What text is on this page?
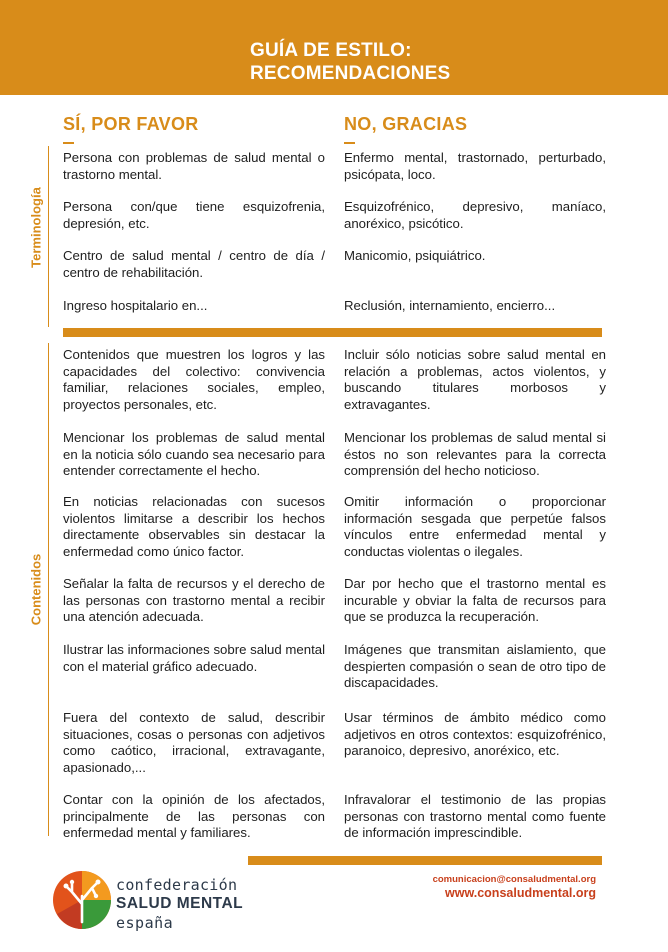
GUÍA DE ESTILO:
RECOMENDACIONES
SÍ, POR FAVOR	NO, GRACIAS
Terminología
Persona con problemas de salud mental o trastorno mental.
Enfermo mental, trastornado, perturbado, psicópata, loco.
Persona con/que tiene esquizofrenia, depresión, etc.
Esquizofrénico, depresivo, maníaco, anoréxico, psicótico.
Centro de salud mental / centro de día / centro de rehabilitación.
Manicomio, psiquiátrico.
Ingreso hospitalario en...	Reclusión, internamiento, encierro...
Contenidos
Contenidos que muestren los logros y las capacidades del colectivo: convivencia familiar, relaciones sociales, empleo, proyectos personales, etc.
Incluir sólo noticias sobre salud mental en relación a problemas, actos violentos, y buscando titulares morbosos y extravagantes.
Mencionar los problemas de salud mental en la noticia sólo cuando sea necesario para entender correctamente el hecho.
Mencionar los problemas de salud mental si éstos no son relevantes para la correcta comprensión del hecho noticioso.
En noticias relacionadas con sucesos violentos limitarse a describir los hechos directamente observables sin destacar la enfermedad como único factor.
Omitir información o proporcionar información sesgada que perpetúe falsos vínculos entre enfermedad mental y conductas violentas o ilegales.
Señalar la falta de recursos y el derecho de las personas con trastorno mental a recibir una atención adecuada.
Dar por hecho que el trastorno mental es incurable y obviar la falta de recursos para que se produzca la recuperación.
Ilustrar las informaciones sobre salud mental con el material gráfico adecuado.
Imágenes que transmitan aislamiento, que despierten compasión o sean de otro tipo de discapacidades.
Fuera del contexto de salud, describir situaciones, cosas o personas con adjetivos como caótico, irracional, extravagante, apasionado,...
Usar términos de ámbito médico como adjetivos en otros contextos: esquizofrénico, paranoico, depresivo, anoréxico, etc.
Contar con la opinión de los afectados, principalmente de las personas con enfermedad mental y familiares.
Infravalorar el testimonio de las propias personas con trastorno mental como fuente de información imprescindible.
comunicacion@consaludmental.org
www.consaludmental.org
confederación
SALUD MENTAL
españa
